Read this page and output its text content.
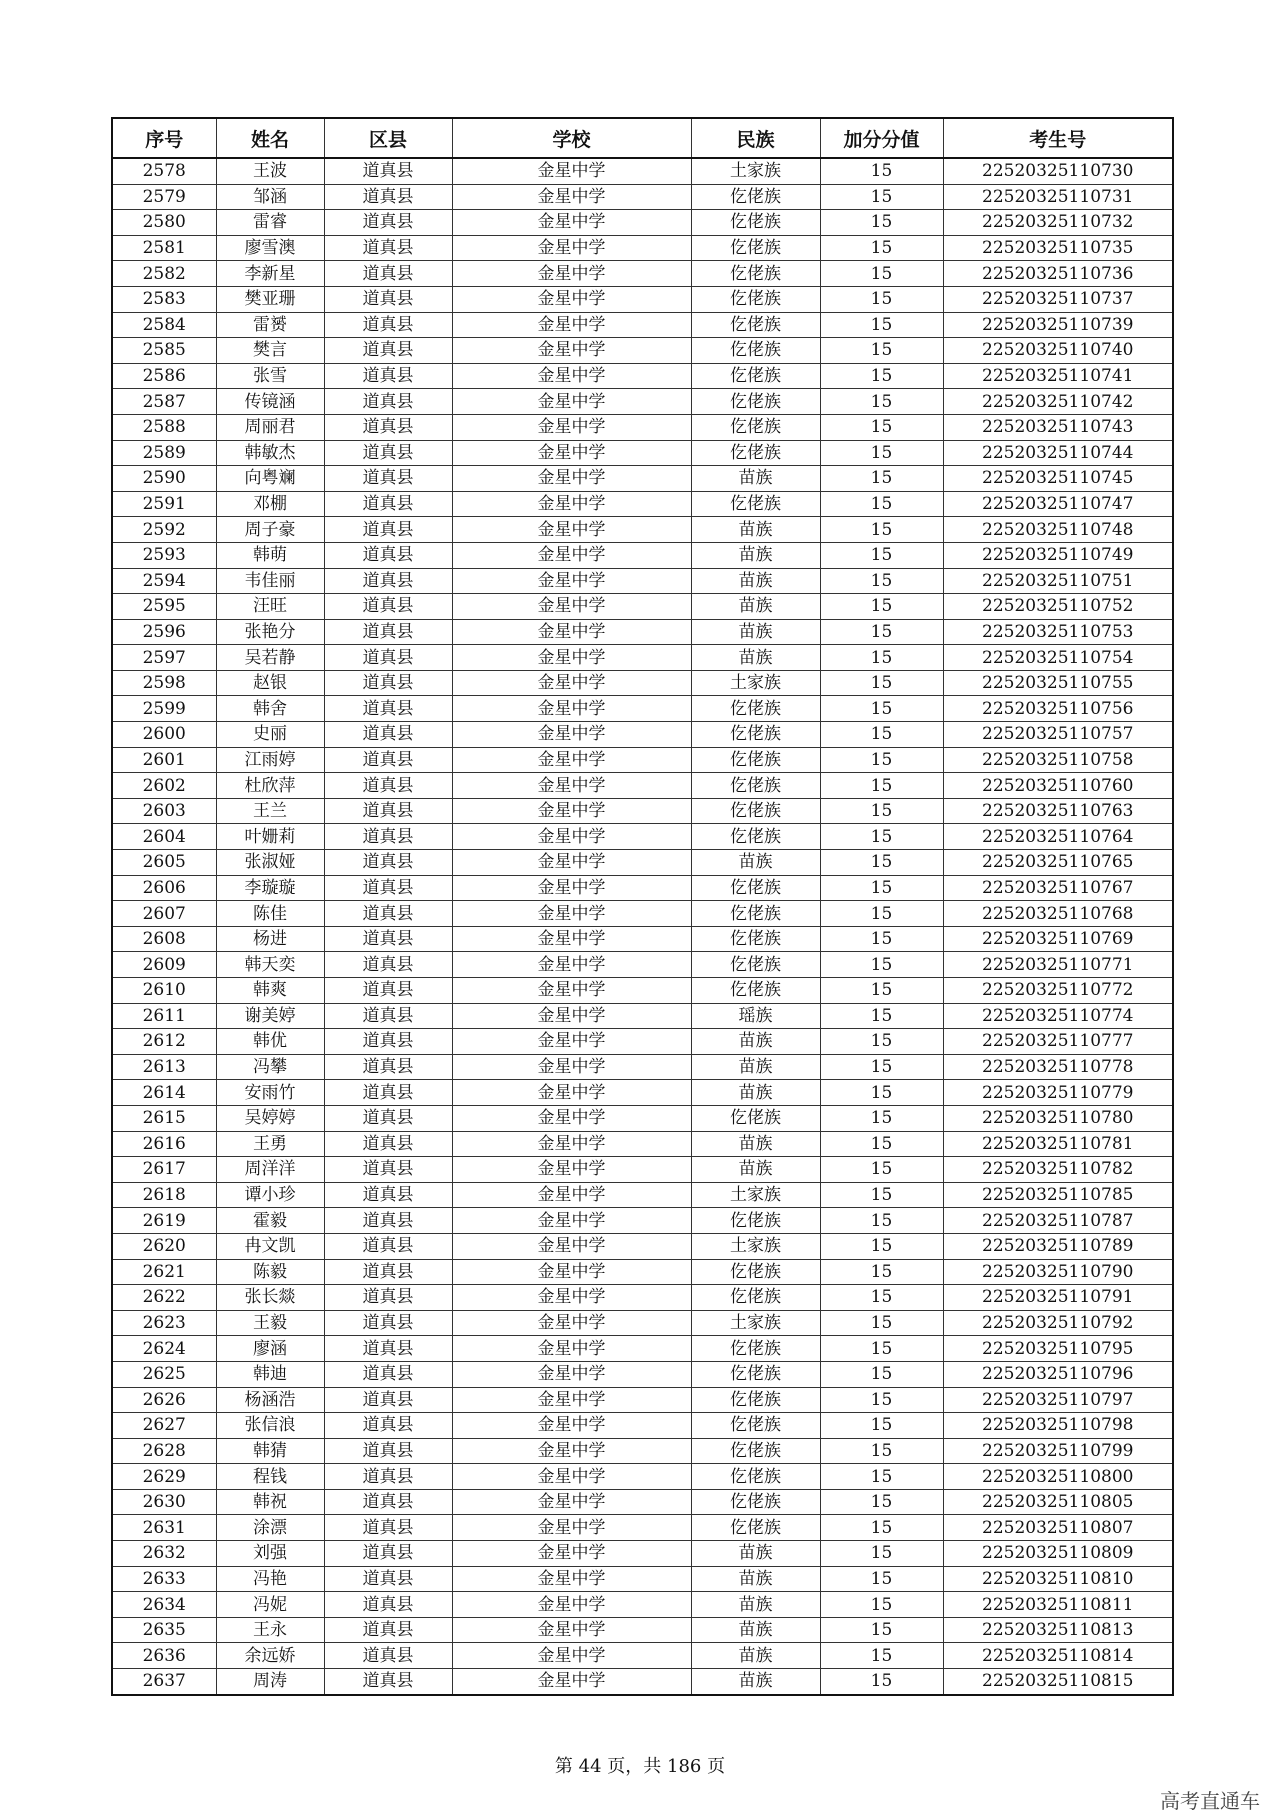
序号	姓名	区县	学校	民族	加分分值	考生号
2578	王波	道真县	金星中学	土家族	15	22520325110730
2579	邹涵	道真县	金星中学	仡佬族	15	22520325110731
2580	雷睿	道真县	金星中学	仡佬族	15	22520325110732
2581	廖雪澳	道真县	金星中学	仡佬族	15	22520325110735
2582	李新星	道真县	金星中学	仡佬族	15	22520325110736
2583	樊亚珊	道真县	金星中学	仡佬族	15	22520325110737
2584	雷赟	道真县	金星中学	仡佬族	15	22520325110739
2585	樊言	道真县	金星中学	仡佬族	15	22520325110740
2586	张雪	道真县	金星中学	仡佬族	15	22520325110741
2587	传镜涵	道真县	金星中学	仡佬族	15	22520325110742
2588	周丽君	道真县	金星中学	仡佬族	15	22520325110743
2589	韩敏杰	道真县	金星中学	仡佬族	15	22520325110744
2590	向粤斓	道真县	金星中学	苗族	15	22520325110745
2591	邓棚	道真县	金星中学	仡佬族	15	22520325110747
2592	周子豪	道真县	金星中学	苗族	15	22520325110748
2593	韩萌	道真县	金星中学	苗族	15	22520325110749
2594	韦佳丽	道真县	金星中学	苗族	15	22520325110751
2595	汪旺	道真县	金星中学	苗族	15	22520325110752
2596	张艳分	道真县	金星中学	苗族	15	22520325110753
2597	吴若静	道真县	金星中学	苗族	15	22520325110754
2598	赵银	道真县	金星中学	土家族	15	22520325110755
2599	韩舍	道真县	金星中学	仡佬族	15	22520325110756
2600	史丽	道真县	金星中学	仡佬族	15	22520325110757
2601	江雨婷	道真县	金星中学	仡佬族	15	22520325110758
2602	杜欣萍	道真县	金星中学	仡佬族	15	22520325110760
2603	王兰	道真县	金星中学	仡佬族	15	22520325110763
2604	叶姗莉	道真县	金星中学	仡佬族	15	22520325110764
2605	张淑娅	道真县	金星中学	苗族	15	22520325110765
2606	李璇璇	道真县	金星中学	仡佬族	15	22520325110767
2607	陈佳	道真县	金星中学	仡佬族	15	22520325110768
2608	杨进	道真县	金星中学	仡佬族	15	22520325110769
2609	韩天奕	道真县	金星中学	仡佬族	15	22520325110771
2610	韩爽	道真县	金星中学	仡佬族	15	22520325110772
2611	谢美婷	道真县	金星中学	瑶族	15	22520325110774
2612	韩优	道真县	金星中学	苗族	15	22520325110777
2613	冯攀	道真县	金星中学	苗族	15	22520325110778
2614	安雨竹	道真县	金星中学	苗族	15	22520325110779
2615	吴婷婷	道真县	金星中学	仡佬族	15	22520325110780
2616	王勇	道真县	金星中学	苗族	15	22520325110781
2617	周洋洋	道真县	金星中学	苗族	15	22520325110782
2618	谭小珍	道真县	金星中学	土家族	15	22520325110785
2619	霍毅	道真县	金星中学	仡佬族	15	22520325110787
2620	冉文凯	道真县	金星中学	土家族	15	22520325110789
2621	陈毅	道真县	金星中学	仡佬族	15	22520325110790
2622	张长燚	道真县	金星中学	仡佬族	15	22520325110791
2623	王毅	道真县	金星中学	土家族	15	22520325110792
2624	廖涵	道真县	金星中学	仡佬族	15	22520325110795
2625	韩迪	道真县	金星中学	仡佬族	15	22520325110796
2626	杨涵浩	道真县	金星中学	仡佬族	15	22520325110797
2627	张信浪	道真县	金星中学	仡佬族	15	22520325110798
2628	韩猜	道真县	金星中学	仡佬族	15	22520325110799
2629	程钱	道真县	金星中学	仡佬族	15	22520325110800
2630	韩祝	道真县	金星中学	仡佬族	15	22520325110805
2631	涂漂	道真县	金星中学	仡佬族	15	22520325110807
2632	刘强	道真县	金星中学	苗族	15	22520325110809
2633	冯艳	道真县	金星中学	苗族	15	22520325110810
2634	冯妮	道真县	金星中学	苗族	15	22520325110811
2635	王永	道真县	金星中学	苗族	15	22520325110813
2636	余远娇	道真县	金星中学	苗族	15	22520325110814
2637	周涛	道真县	金星中学	苗族	15	22520325110815
第 44 页，共 186 页
高考直通车
